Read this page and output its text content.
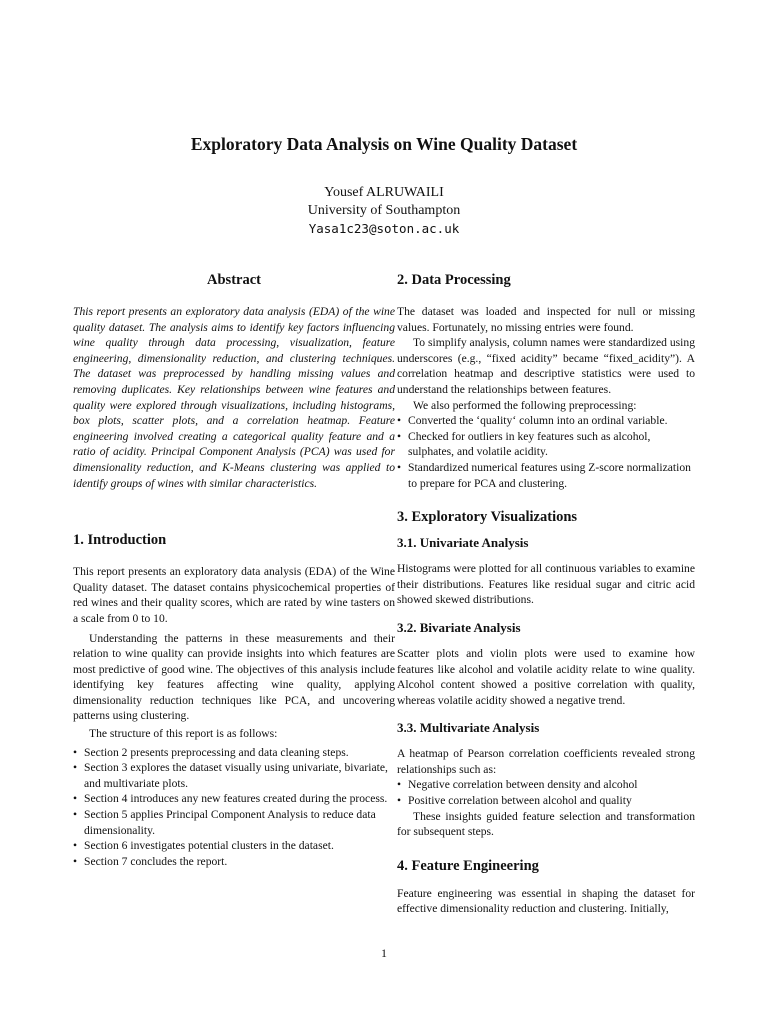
Exploratory Data Analysis on Wine Quality Dataset
Yousef ALRUWAILI
University of Southampton
Yasa1c23@soton.ac.uk
Abstract

This report presents an exploratory data analysis (EDA) of the wine quality dataset. The analysis aims to identify key factors influencing wine quality through data processing, visualization, feature engineering, dimensionality reduction, and clustering techniques. The dataset was preprocessed by handling missing values and removing duplicates. Key relationships between wine features and quality were explored through visualizations, including histograms, box plots, scatter plots, and a correlation heatmap. Feature engineering involved creating a categorical quality feature and a ratio of acidity. Principal Component Analysis (PCA) was used for dimensionality reduction, and K-Means clustering was applied to identify groups of wines with similar characteristics.

1. Introduction

This report presents an exploratory data analysis (EDA) of the Wine Quality dataset. The dataset contains physicochemical properties of red wines and their quality scores, which are rated by wine tasters on a scale from 0 to 10.

Understanding the patterns in these measurements and their relation to wine quality can provide insights into which features are most predictive of good wine. The objectives of this analysis include identifying key features affecting wine quality, applying dimensionality reduction techniques like PCA, and uncovering patterns using clustering.

The structure of this report is as follows:

• Section 2 presents preprocessing and data cleaning steps.
• Section 3 explores the dataset visually using univariate, bivariate, and multivariate plots.
• Section 4 introduces any new features created during the process.
• Section 5 applies Principal Component Analysis to reduce data dimensionality.
• Section 6 investigates potential clusters in the dataset.
• Section 7 concludes the report.
2. Data Processing

The dataset was loaded and inspected for null or missing values. Fortunately, no missing entries were found.

To simplify analysis, column names were standardized using underscores (e.g., “fixed acidity” became “fixed_acidity”). A correlation heatmap and descriptive statistics were used to understand the relationships between features.

We also performed the following preprocessing:

• Converted the ‘quality‘ column into an ordinal variable.
• Checked for outliers in key features such as alcohol, sulphates, and volatile acidity.
• Standardized numerical features using Z-score normalization to prepare for PCA and clustering.
3. Exploratory Visualizations
3.1. Univariate Analysis

Histograms were plotted for all continuous variables to examine their distributions. Features like residual sugar and citric acid showed skewed distributions.

3.2. Bivariate Analysis

Scatter plots and violin plots were used to examine how features like alcohol and volatile acidity relate to wine quality. Alcohol content showed a positive correlation with quality, whereas volatile acidity showed a negative trend.

3.3. Multivariate Analysis

A heatmap of Pearson correlation coefficients revealed strong relationships such as:

• Negative correlation between density and alcohol
• Positive correlation between alcohol and quality

These insights guided feature selection and transformation for subsequent steps.

4. Feature Engineering

Feature engineering was essential in shaping the dataset for effective dimensionality reduction and clustering. Initially,

1
